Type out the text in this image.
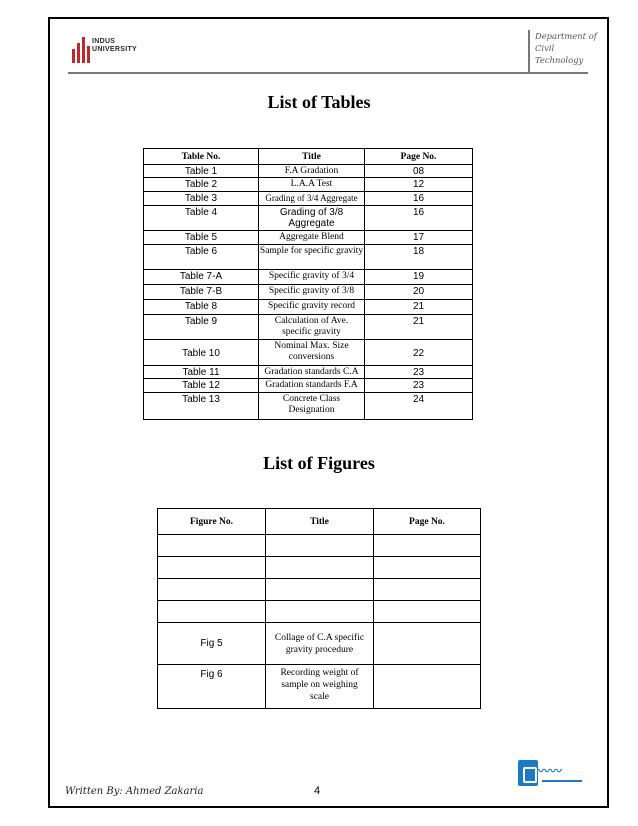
INDUS
UNIVERSITY
Department of
Civil
Technology
List of Tables
Table No.	Title	Page No.
Table 1	F.A Gradation	08
Table 2	L.A.A Test	12
Table 3	Grading of 3/4 Aggregate	16
Table 4	Grading of 3/8 Aggregate	16
Table 5	Aggregate Blend	17
Table 6	Sample for specific gravity	18
Table 7-A	Specific gravity of 3/4	19
Table 7-B	Specific gravity of 3/8	20
Table 8	Specific gravity record	21
Table 9	Calculation of Ave. specific gravity	21
Table 10	Nominal Max. Size conversions	22
Table 11	Gradation standards C.A	23
Table 12	Gradation standards F.A	23
Table 13	Concrete Class Designation	24
List of Figures
Figure No.	Title	Page No.

Fig 5	Collage of C.A specific gravity procedure	
Fig 6	Recording weight of sample on weighing scale	
Written By: Ahmed Zakaria	4
〰〰
